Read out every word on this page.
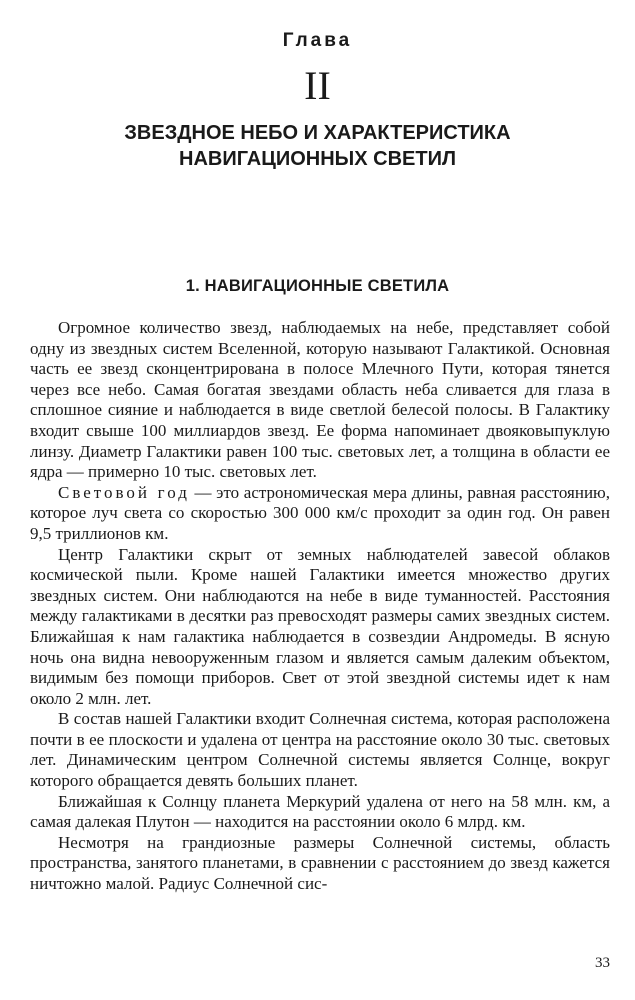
Глава
II
ЗВЕЗДНОЕ НЕБО И ХАРАКТЕРИСТИКА
НАВИГАЦИОННЫХ СВЕТИЛ
1. НАВИГАЦИОННЫЕ СВЕТИЛА

Огромное количество звезд, наблюдаемых на небе, представляет собой одну из звездных систем Вселенной, которую называют Галактикой. Основная часть ее звезд сконцентрирована в полосе Млечного Пути, которая тянется через все небо. Самая богатая звездами область неба сливается для глаза в сплошное сияние и наблюдается в виде светлой белесой полосы. В Галактику входит свыше 100 миллиардов звезд. Ее форма напоминает двояковыпуклую линзу. Диаметр Галактики равен 100 тыс. световых лет, а толщина в области ее ядра — примерно 10 тыс. световых лет.

Световой год — это астрономическая мера длины, равная расстоянию, которое луч света со скоростью 300 000 км/с проходит за один год. Он равен 9,5 триллионов км.

Центр Галактики скрыт от земных наблюдателей завесой облаков космической пыли. Кроме нашей Галактики имеется множество других звездных систем. Они наблюдаются на небе в виде туманностей. Расстояния между галактиками в десятки раз превосходят размеры самих звездных систем. Ближайшая к нам галактика наблюдается в созвездии Андромеды. В ясную ночь она видна невооруженным глазом и является самым далеким объектом, видимым без помощи приборов. Свет от этой звездной системы идет к нам около 2 млн. лет.

В состав нашей Галактики входит Солнечная система, которая расположена почти в ее плоскости и удалена от центра на расстояние около 30 тыс. световых лет. Динамическим центром Солнечной системы является Солнце, вокруг которого обращается девять больших планет.

Ближайшая к Солнцу планета Меркурий удалена от него на 58 млн. км, а самая далекая Плутон — находится на расстоянии около 6 млрд. км.

Несмотря на грандиозные размеры Солнечной системы, область пространства, занятого планетами, в сравнении с расстоянием до звезд кажется ничтожно малой. Радиус Солнечной сис-

33
